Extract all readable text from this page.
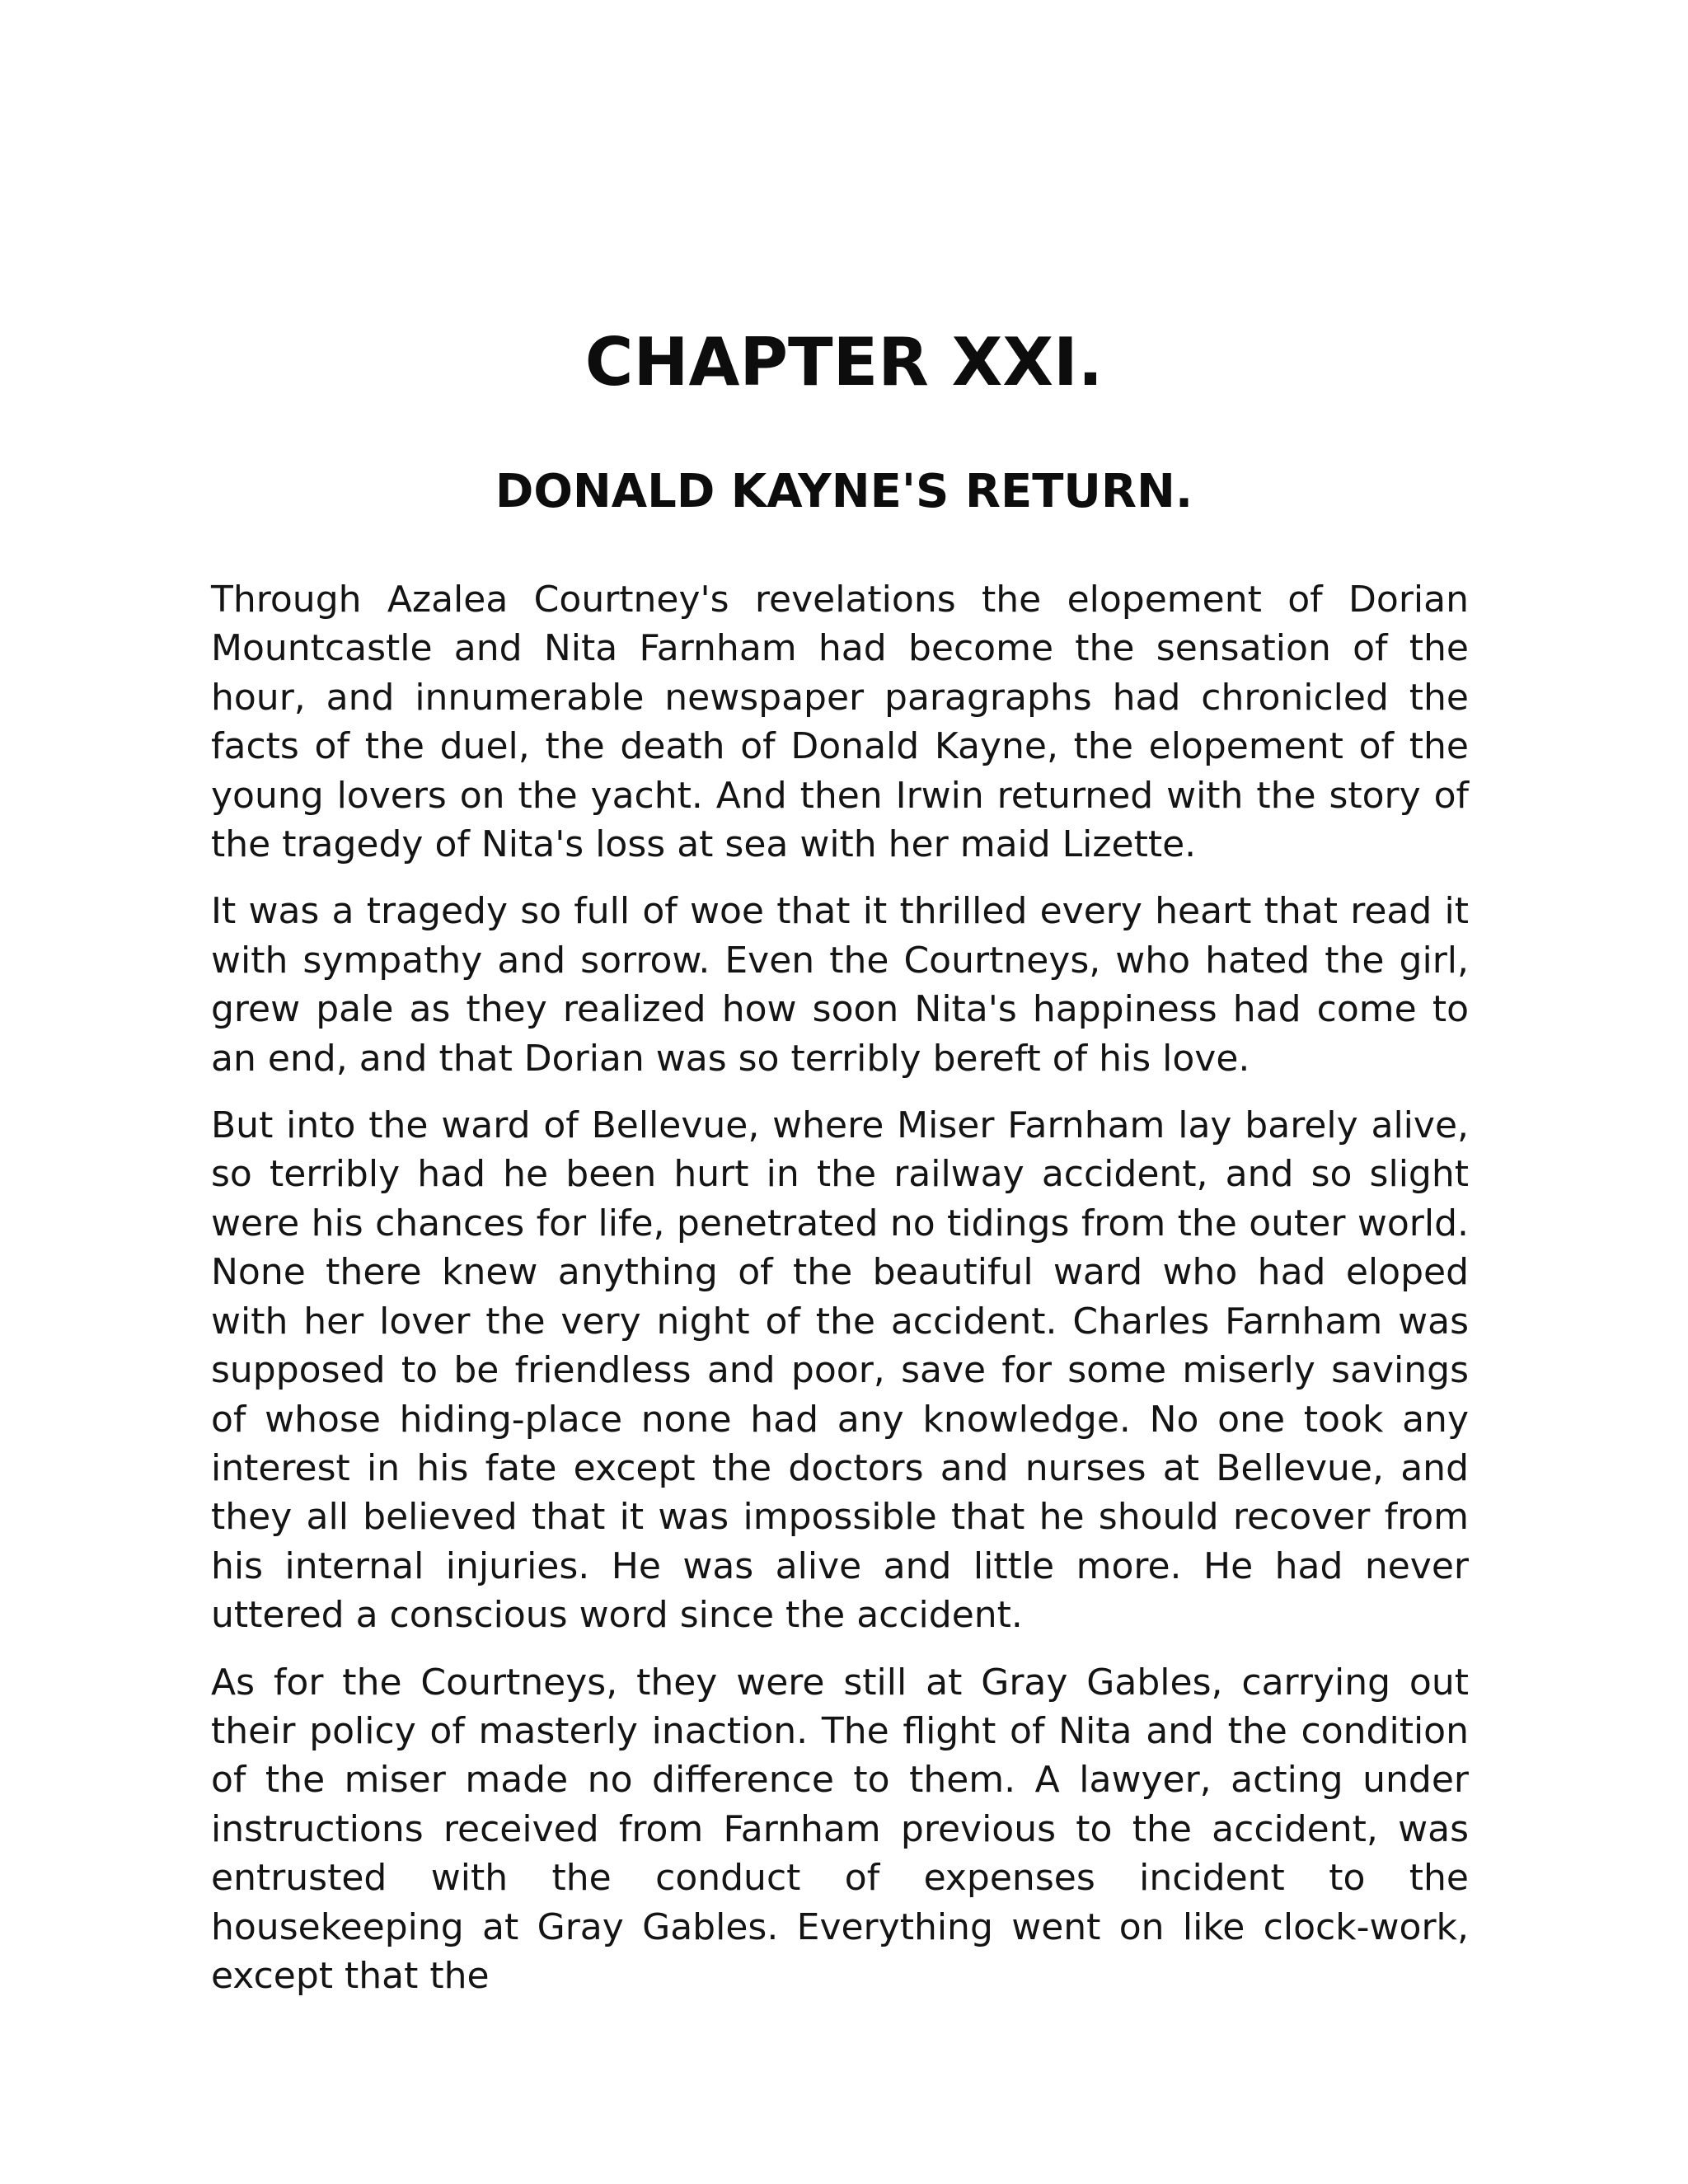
CHAPTER XXI.
DONALD KAYNE'S RETURN.

Through Azalea Courtney's revelations the elopement of Dorian Mountcastle and Nita Farnham had become the sensation of the hour, and innumerable newspaper paragraphs had chronicled the facts of the duel, the death of Donald Kayne, the elopement of the young lovers on the yacht. And then Irwin returned with the story of the tragedy of Nita's loss at sea with her maid Lizette.

It was a tragedy so full of woe that it thrilled every heart that read it with sympathy and sorrow. Even the Courtneys, who hated the girl, grew pale as they realized how soon Nita's happiness had come to an end, and that Dorian was so terribly bereft of his love.

But into the ward of Bellevue, where Miser Farnham lay barely alive, so terribly had he been hurt in the railway accident, and so slight were his chances for life, penetrated no tidings from the outer world. None there knew anything of the beautiful ward who had eloped with her lover the very night of the accident. Charles Farnham was supposed to be friendless and poor, save for some miserly savings of whose hiding-place none had any knowledge. No one took any interest in his fate except the doctors and nurses at Bellevue, and they all believed that it was impossible that he should recover from his internal injuries. He was alive and little more. He had never uttered a conscious word since the accident.

As for the Courtneys, they were still at Gray Gables, carrying out their policy of masterly inaction. The flight of Nita and the condition of the miser made no difference to them. A lawyer, acting under instructions received from Farnham previous to the accident, was entrusted with the conduct of expenses incident to the housekeeping at Gray Gables. Everything went on like clock-work, except that the
